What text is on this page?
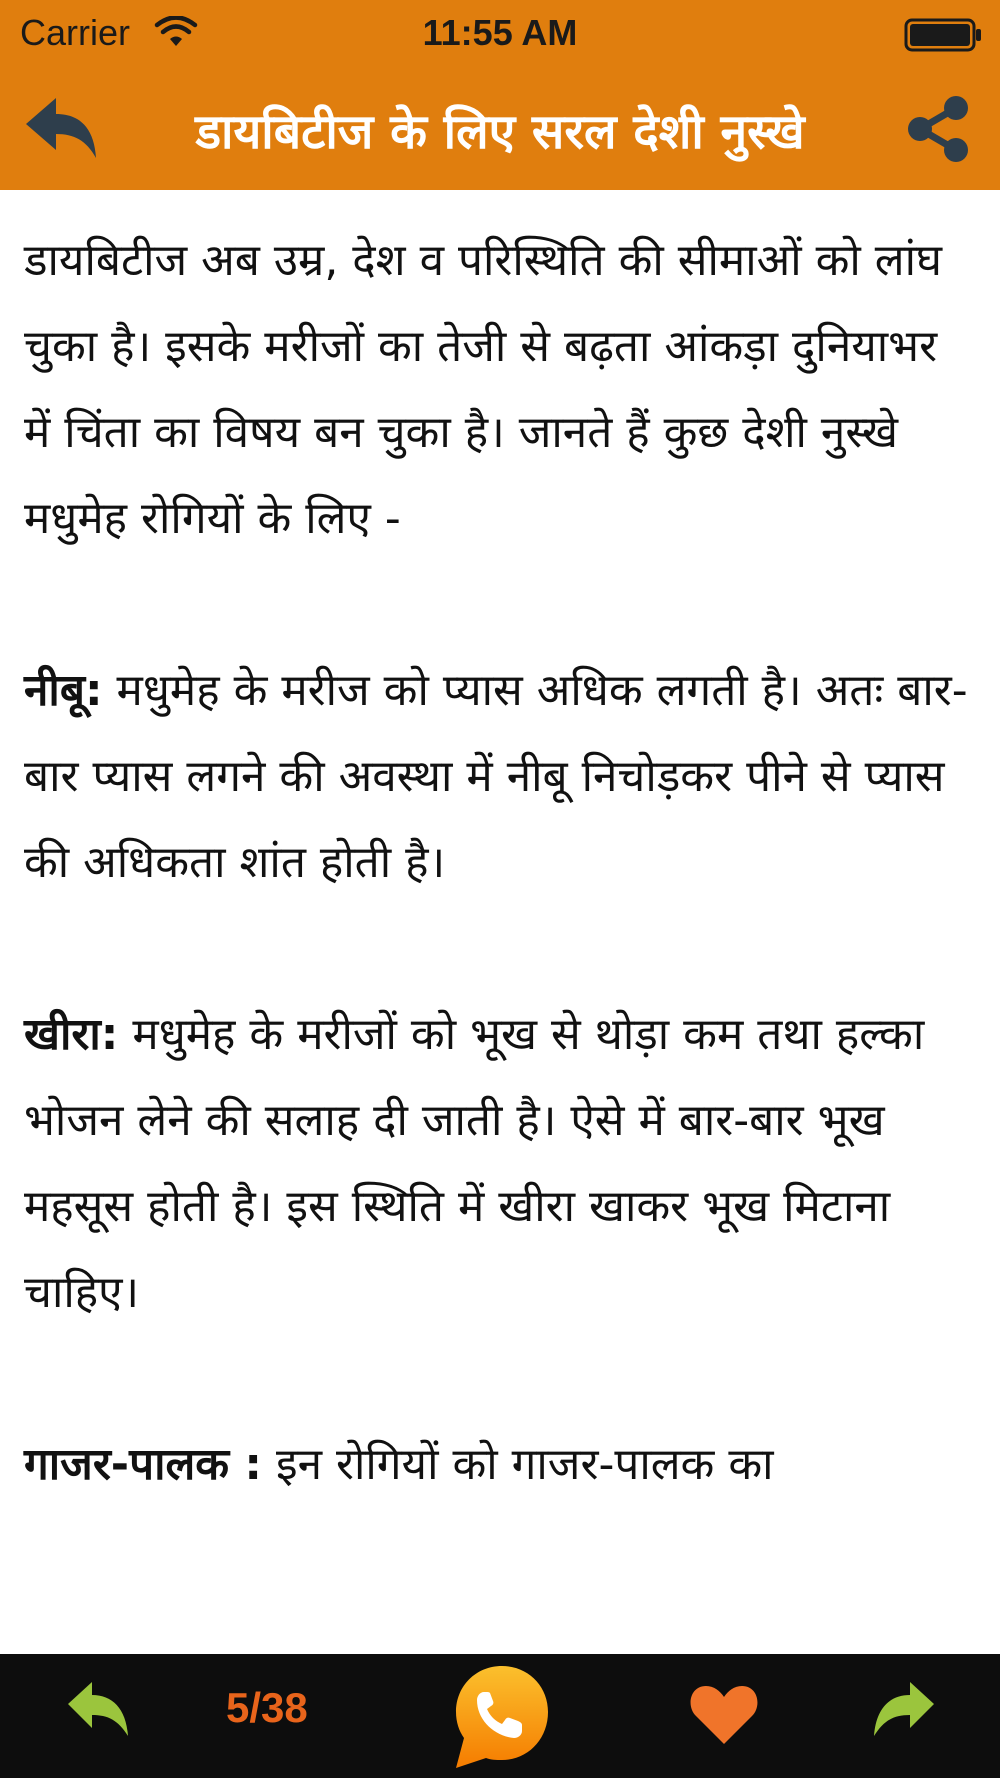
Carrier	11:55 AM
डायबिटीज के लिए सरल देशी नुस्खे

डायबिटीज अब उम्र, देश व परिस्थिति की सीमाओं को लांघ चुका है। इसके मरीजों का तेजी से बढ़ता आंकड़ा दुनियाभर में चिंता का विषय बन चुका है। जानते हैं कुछ देशी नुस्खे मधुमेह रोगियों के लिए -

नीबू: मधुमेह के मरीज को प्यास अधिक लगती है। अतः बार-बार प्यास लगने की अवस्था में नीबू निचोड़कर पीने से प्यास की अधिकता शांत होती है।

खीरा: मधुमेह के मरीजों को भूख से थोड़ा कम तथा हल्का भोजन लेने की सलाह दी जाती है। ऐसे में बार-बार भूख महसूस होती है। इस स्थिति में खीरा खाकर भूख मिटाना चाहिए।

गाजर-पालक : इन रोगियों को गाजर-पालक का

5/38
